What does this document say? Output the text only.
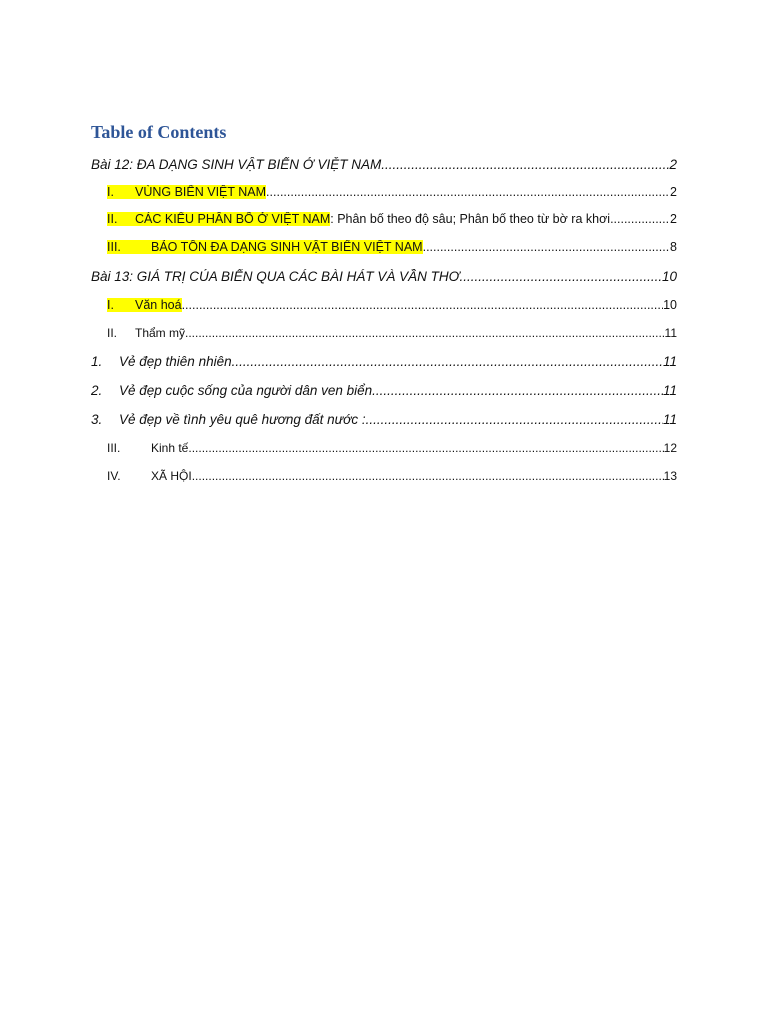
Table of Contents
Bài 12: ĐA DẠNG SINH VẬT BIỂN Ở VIỆT NAM .....	2
I.	VÙNG BIỂN VIỆT NAM .....	2
II.	CÁC KIỂU PHÂN BỐ Ở VIỆT NAM : Phân bố theo độ sâu; Phân bố theo từ bờ ra khơi .....	2
III.	BẢO TỒN ĐA DẠNG SINH VẬT BIỂN VIỆT NAM .....	8
Bài 13: GIÁ TRỊ CỦA BIỂN QUA CÁC BÀI HÁT VÀ VẦN THƠ .....	10
I.	Văn hoá .....	10
II.	Thẩm mỹ .....	11
1.	Vẻ đẹp thiên nhiên .....	11
2.	Vẻ đẹp cuộc sống của người dân ven biển .....	11
3.	Vẻ đẹp về tình yêu quê hương đất nước : .....	11
III.	Kinh tế .....	12
IV.	XÃ HỘI .....	13
